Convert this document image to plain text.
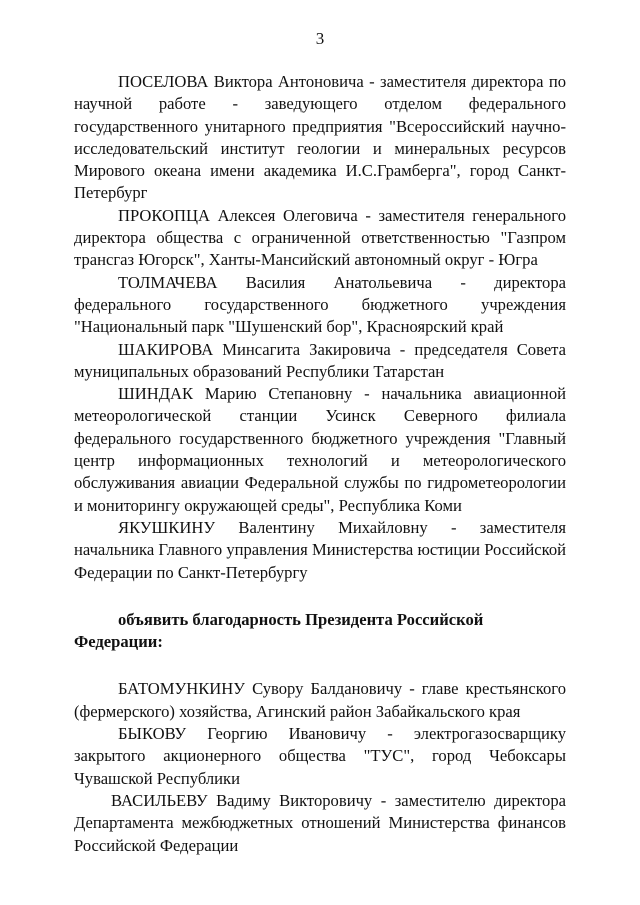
3

ПОСЕЛОВА Виктора Антоновича - заместителя директора по научной работе - заведующего отделом федерального государственного унитарного предприятия "Всероссийский научно-исследовательский институт геологии и минеральных ресурсов Мирового океана имени академика И.С.Грамберга", город Санкт-Петербург

ПРОКОПЦА Алексея Олеговича - заместителя генерального директора общества с ограниченной ответственностью "Газпром трансгаз Югорск", Ханты-Мансийский автономный округ - Югра

ТОЛМАЧЕВА Василия Анатольевича - директора федерального государственного бюджетного учреждения "Национальный парк "Шушенский бор", Красноярский край

ШАКИРОВА Минсагита Закировича - председателя Совета муниципальных образований Республики Татарстан

ШИНДАК Марию Степановну - начальника авиационной метеорологической станции Усинск Северного филиала федерального государственного бюджетного учреждения "Главный центр информационных технологий и метеорологического обслуживания авиации Федеральной службы по гидрометеорологии и мониторингу окружающей среды", Республика Коми

ЯКУШКИНУ Валентину Михайловну - заместителя начальника Главного управления Министерства юстиции Российской Федерации по Санкт-Петербургу

объявить благодарность Президента Российской Федерации:

БАТОМУНКИНУ Сувору Балдановичу - главе крестьянского (фермерского) хозяйства, Агинский район Забайкальского края

БЫКОВУ Георгию Ивановичу - электрогазосварщику закрытого акционерного общества "ТУС", город Чебоксары Чувашской Республики

ВАСИЛЬЕВУ Вадиму Викторовичу - заместителю директора Департамента межбюджетных отношений Министерства финансов Российской Федерации
